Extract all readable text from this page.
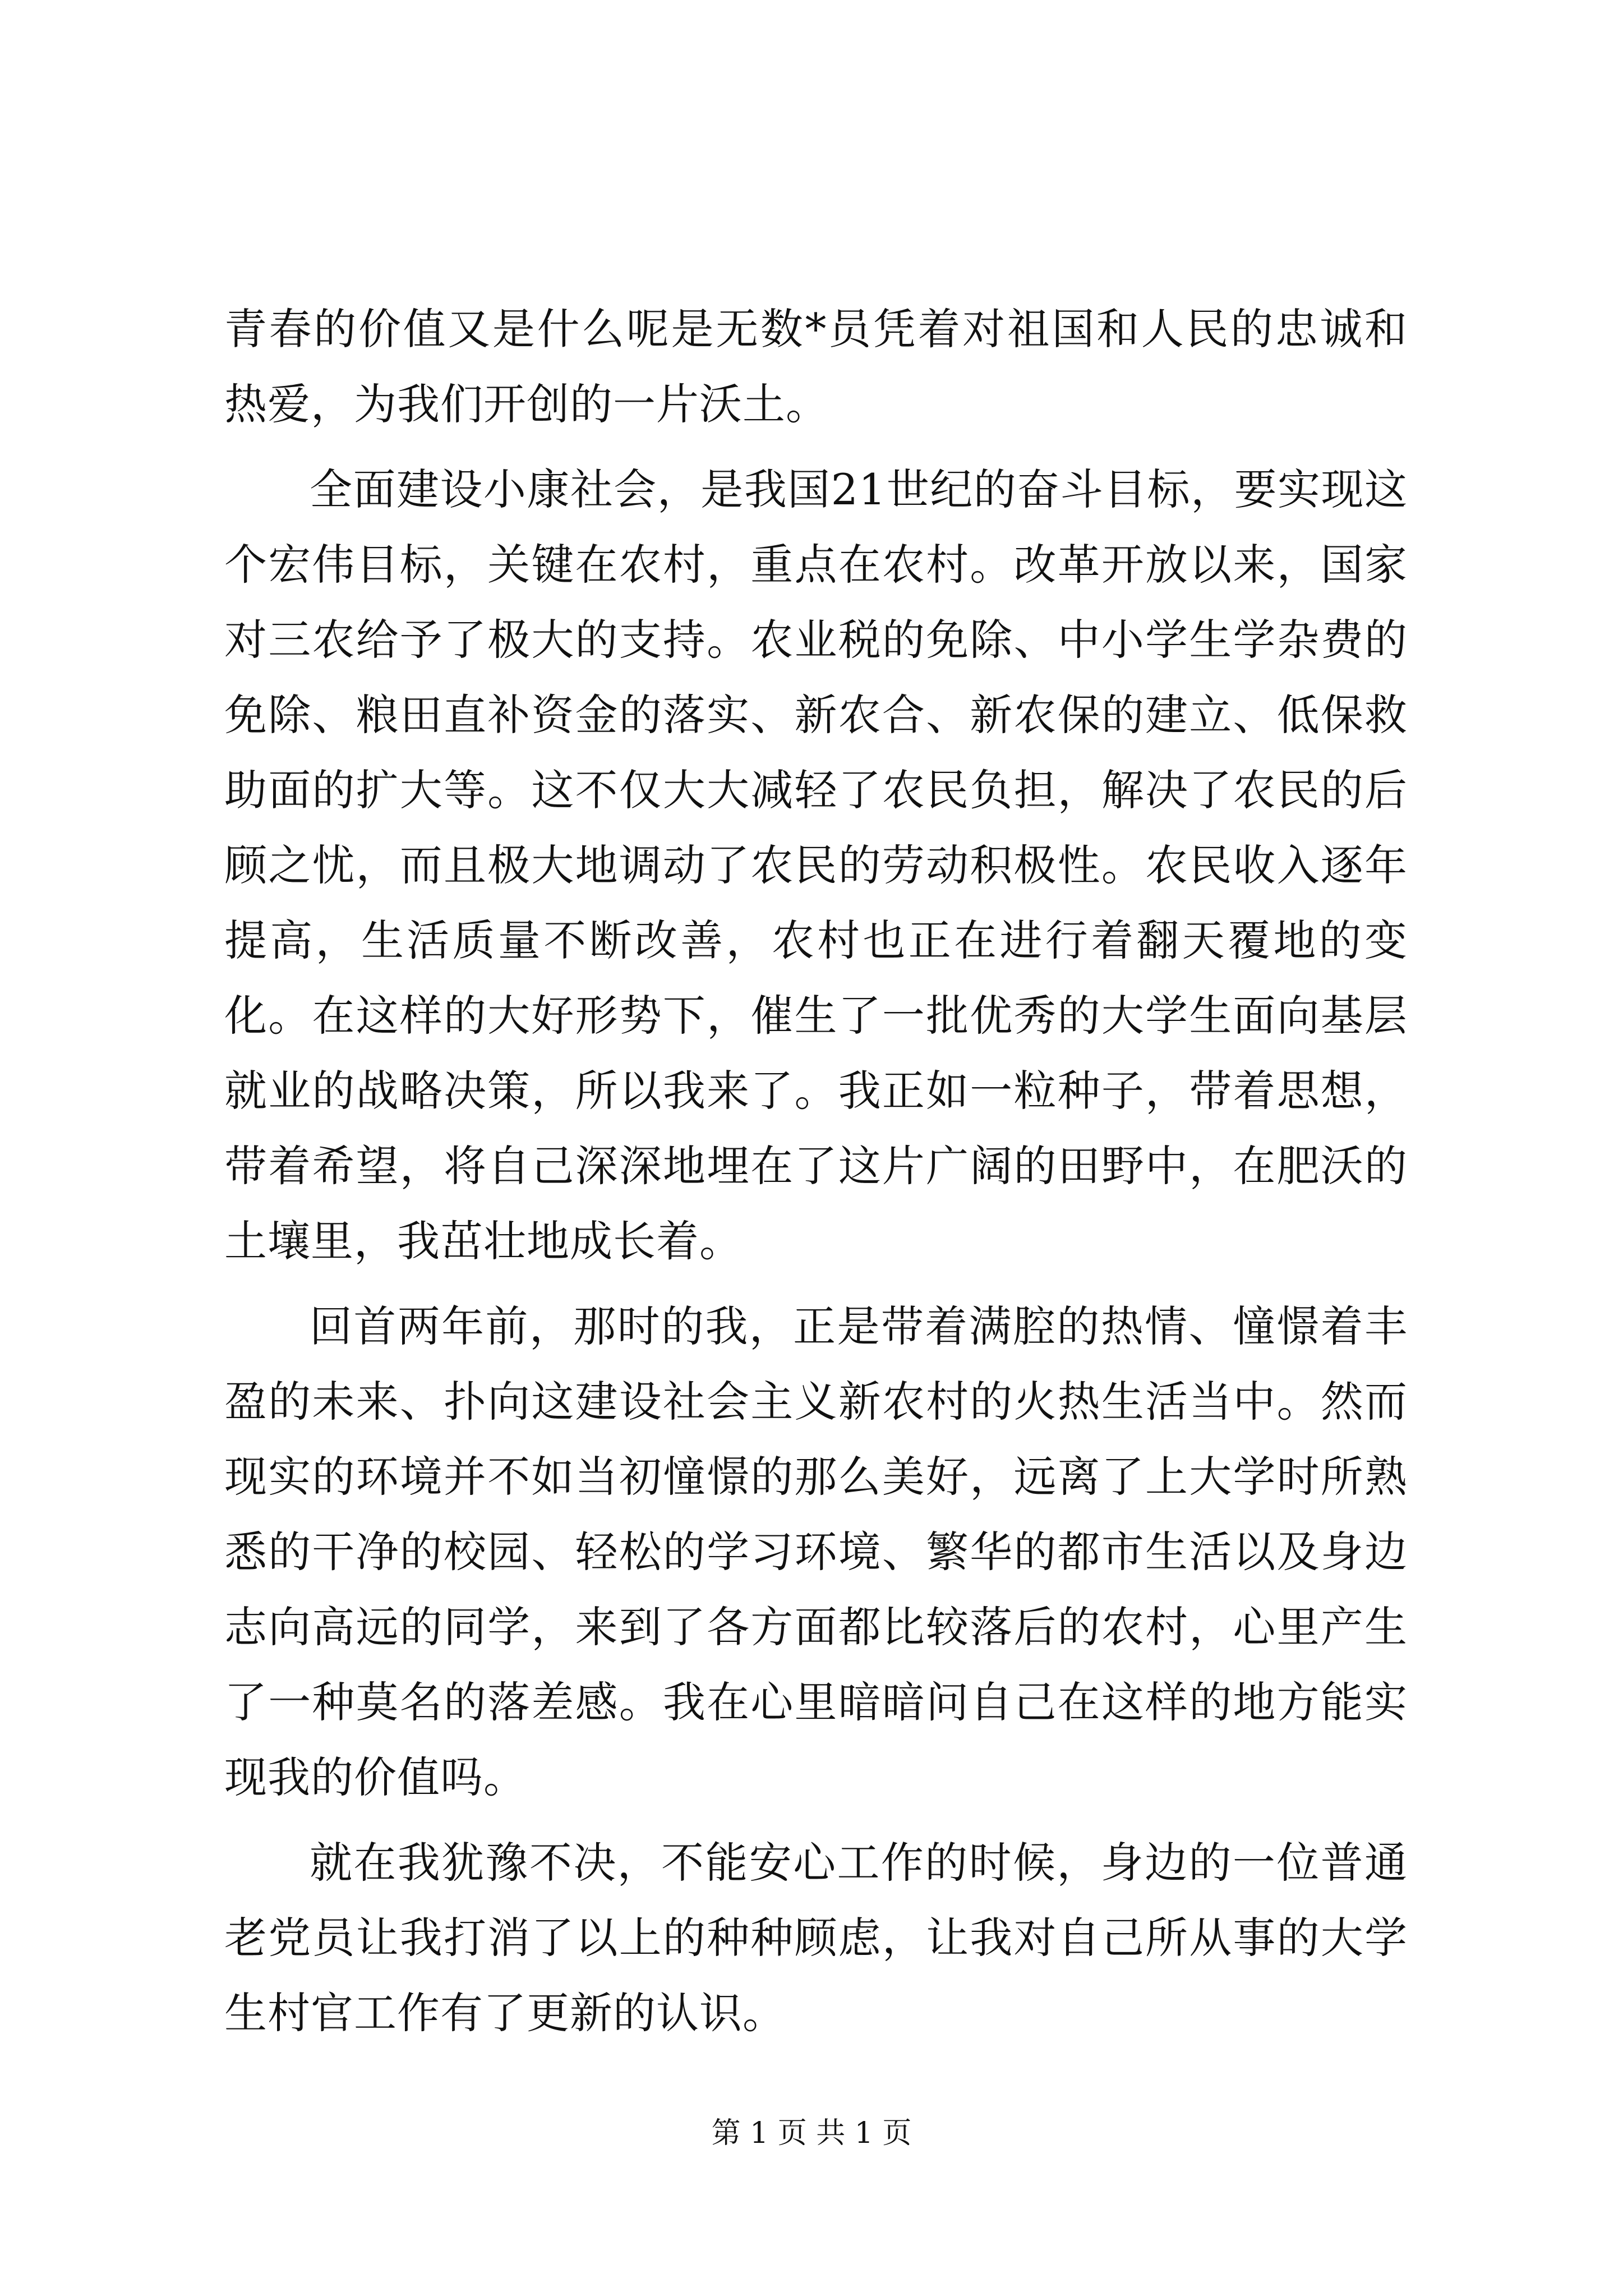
青春的价值又是什么呢是无数*员凭着对祖国和人民的忠诚和热爱，为我们开创的一片沃土。

全面建设小康社会，是我国21世纪的奋斗目标，要实现这个宏伟目标，关键在农村，重点在农村。改革开放以来，国家对三农给予了极大的支持。农业税的免除、中小学生学杂费的免除、粮田直补资金的落实、新农合、新农保的建立、低保救助面的扩大等。这不仅大大减轻了农民负担，解决了农民的后顾之忧，而且极大地调动了农民的劳动积极性。农民收入逐年提高，生活质量不断改善，农村也正在进行着翻天覆地的变化。在这样的大好形势下，催生了一批优秀的大学生面向基层就业的战略决策，所以我来了。我正如一粒种子，带着思想，带着希望，将自己深深地埋在了这片广阔的田野中，在肥沃的土壤里，我茁壮地成长着。

回首两年前，那时的我，正是带着满腔的热情、憧憬着丰盈的未来、扑向这建设社会主义新农村的火热生活当中。然而现实的环境并不如当初憧憬的那么美好，远离了上大学时所熟悉的干净的校园、轻松的学习环境、繁华的都市生活以及身边志向高远的同学，来到了各方面都比较落后的农村，心里产生了一种莫名的落差感。我在心里暗暗问自己在这样的地方能实现我的价值吗。

就在我犹豫不决，不能安心工作的时候，身边的一位普通老党员让我打消了以上的种种顾虑，让我对自己所从事的大学生村官工作有了更新的认识。

第 1 页 共 1 页
